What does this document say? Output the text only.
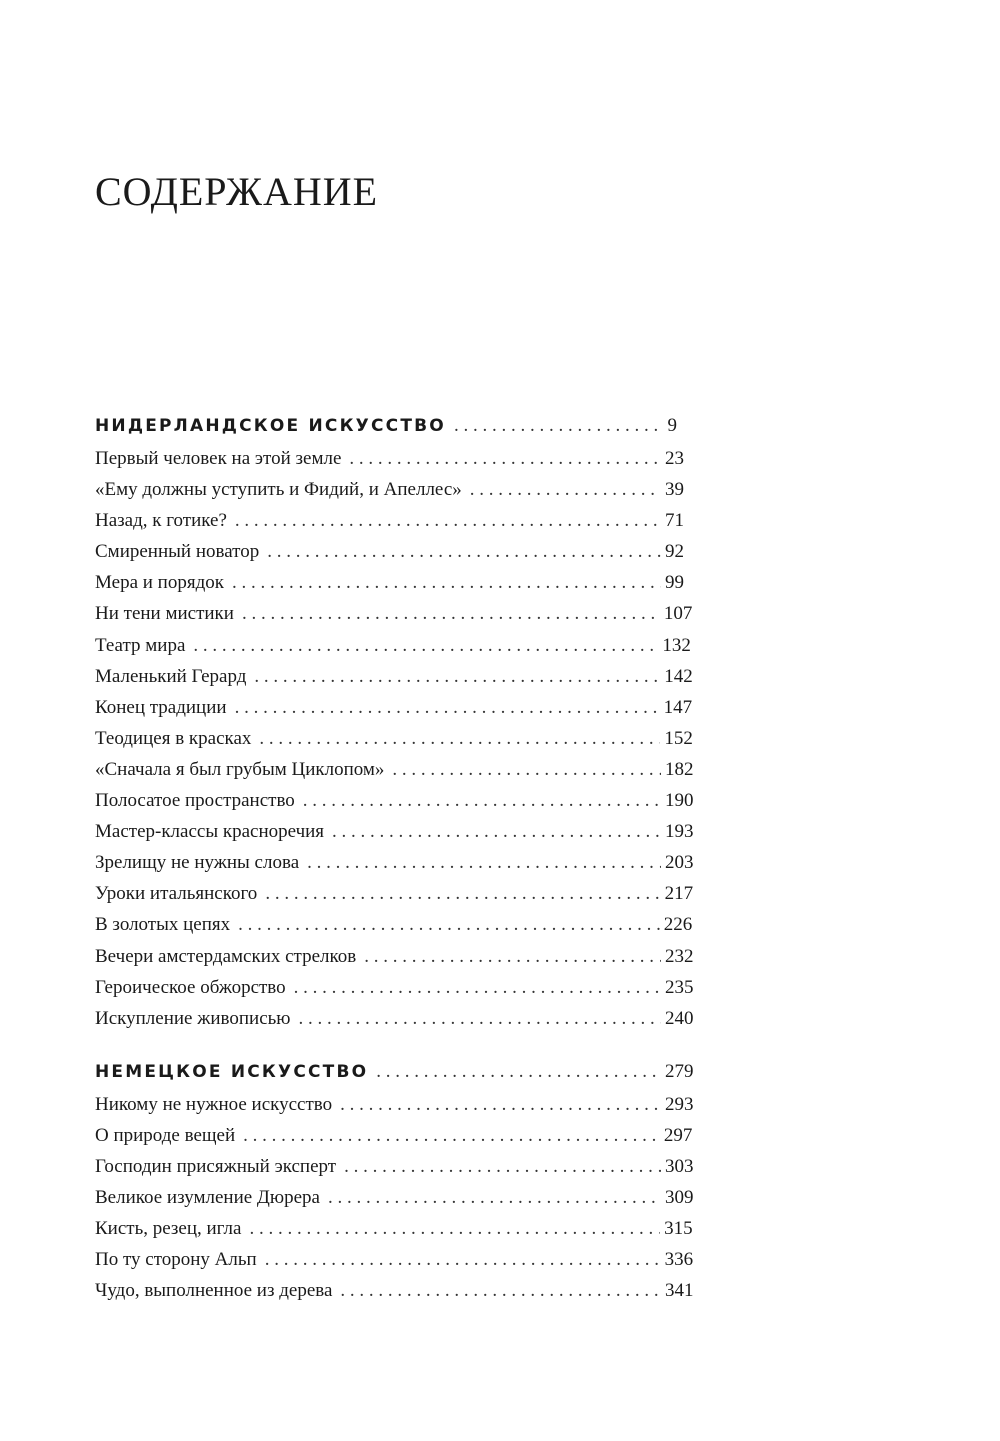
СОДЕРЖАНИЕ
НИДЕРЛАНДСКОЕ ИСКУССТВО . . .	9
Первый человек на этой земле . . .	23
«Ему должны уступить и Фидий, и Апеллес» . . .	39
Назад, к готике? . . .	71
Смиренный новатор . . .	92
Мера и порядок . . .	99
Ни тени мистики . . .	107
Театр мира . . .	132
Маленький Герард . . .	142
Конец традиции . . .	147
Теодицея в красках . . .	152
«Сначала я был грубым Циклопом» . . .	182
Полосатое пространство . . .	190
Мастер-классы красноречия . . .	193
Зрелищу не нужны слова . . .	203
Уроки итальянского . . .	217
В золотых цепях . . .	226
Вечери амстердамских стрелков . . .	232
Героическое обжорство . . .	235
Искупление живописью . . .	240
НЕМЕЦКОЕ ИСКУССТВО . . .	279
Никому не нужное искусство . . .	293
О природе вещей . . .	297
Господин присяжный эксперт . . .	303
Великое изумление Дюрера . . .	309
Кисть, резец, игла . . .	315
По ту сторону Альп . . .	336
Чудо, выполненное из дерева . . .	341
